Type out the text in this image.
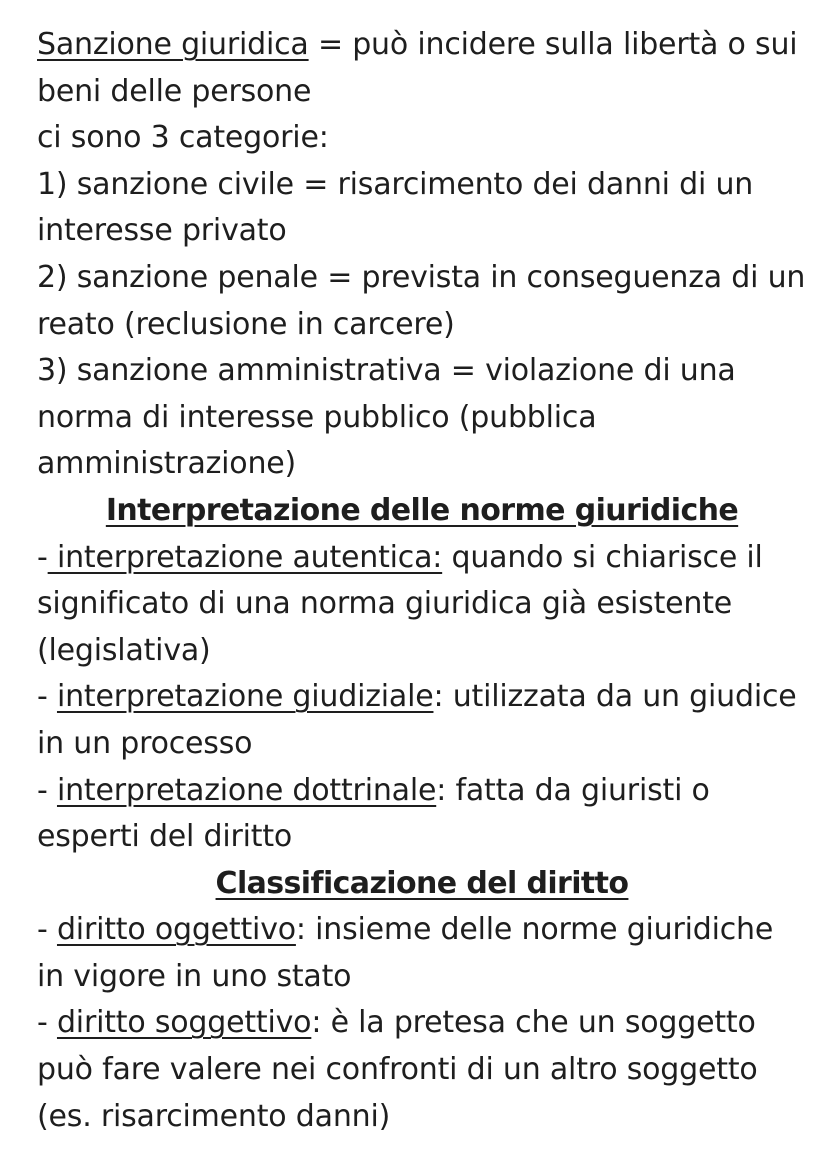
Sanzione giuridica = può incidere sulla libertà o sui beni delle persone

ci sono 3 categorie:

1) sanzione civile = risarcimento dei danni di un interesse privato

2) sanzione penale = prevista in conseguenza di un reato (reclusione in carcere)

3) sanzione amministrativa = violazione di una norma di interesse pubblico (pubblica amministrazione)

Interpretazione delle norme giuridiche

- interpretazione autentica: quando si chiarisce il significato di una norma giuridica già esistente (legislativa)

- interpretazione giudiziale: utilizzata da un giudice in un processo

- interpretazione dottrinale: fatta da giuristi o esperti del diritto

Classificazione del diritto

- diritto oggettivo: insieme delle norme giuridiche in vigore in uno stato

- diritto soggettivo: è la pretesa che un soggetto può fare valere nei confronti di un altro soggetto (es. risarcimento danni)
